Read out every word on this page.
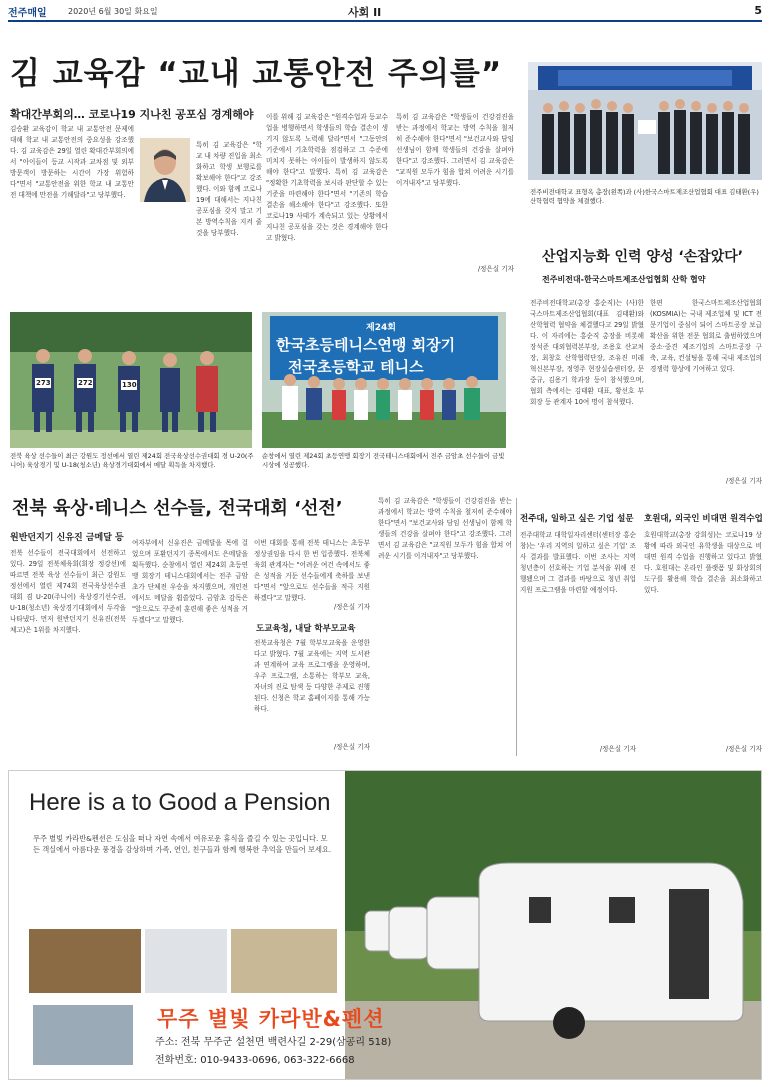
전주매일	2020년 6월 30일 화요일	사회 II	5
김 교육감 “교내 교통안전 주의를”
확대간부회의… 코로나19 지나친 공포심 경계해야

김승환 교육감이 학교 내 교통안전 문제에 대해 학교 내 교통안전의 중요성을 강조했다. 김 교육감은 29일 열린 확대간부회의에서 "아이들이 등교 시작과 교차점 및 외부 방문객이 방문하는 시간이 가장 위험하다"면서 "교통안전을 위한 학교 내 교통안전 대책에 만전을 기해달라"고 당부했다.

특히 김 교육감은 "학교 내 차량 진입을 최소화하고 학생 보행로를 확보해야 한다"고 강조했다. 이와 함께 코로나19에 대해서는 지나친 공포심을 갖지 말고 기본 방역수칙을 지켜 줄 것을 당부했다.

이를 위해 김 교육감은 "원격수업과 등교수업을 병행하면서 학생들의 학습 결손이 생기지 않도록 노력해 달라"면서 "그동안의 기준에서 기초학력을 점검하고 그 수준에 미치지 못하는 아이들이 발생하지 않도록 해야 한다"고 말했다. 특히 김 교육감은 "정확한 기초학력을 보시라 판단할 수 있는 기준을 마련해야 한다"면서 "기존의 학습 결손을 해소해야 한다"고 강조했다. 또한 코로나19 사태가 계속되고 있는 상황에서 지나친 공포심을 갖는 것은 경계해야 한다고 밝혔다.

특히 김 교육감은 "학생들이 건강검진을 받는 과정에서 학교는 방역 수칙을 철저히 준수해야 한다"면서 "보건교사와 담임 선생님이 함께 학생들의 건강을 살펴야 한다"고 강조했다. 그러면서 김 교육감은 "교직원 모두가 힘을 합쳐 어려운 시기를 이겨내자"고 당부했다.

/정은실 기자
전주비전대학교 표형옥 총장(왼쪽)과 (사)한국스마트제조산업협회 대표 김태환(우) 산학협력 협약을 체결했다.
산업지능화 인력 양성 ‘손잡았다’
전주비전대-한국스마트제조산업협회 산학 협약

전주비전대학교(총장 홍순직)는 (사)한국스마트제조산업협회(대표 김태환)와 산학협력 협약을 체결했다고 29일 밝혔다. 이 자리에는 홍순직 총장을 비롯해 장석준 대외협력본부장, 조용호 산교처장, 최창호 산학협력단장, 조유진 미래혁신본부장, 정영주 현장실습센터장, 문중규, 김용기 학과장 등이 참석했으며, 협회 측에서는 김태환 대표, 황선호 부회장 등 관계자 10여 명이 참석했다.

한편 한국스마트제조산업협회(KOSMIA)는 국내 제조업체 및 ICT 전문기업이 중심이 되어 스마트공장 보급 확산을 위한 전문 협회로 출범하였으며 중소·중견 제조기업의 스마트공장 구축, 교육, 컨설팅을 통해 국내 제조업의 경쟁력 향상에 기여하고 있다.

/정은실 기자
273	272	130
전북 육상 선수들이 최근 강원도 정선에서 열린 제24회 전국육상선수권대회 경 U-20(주니어) 육상경기 및 U-18(청소년) 육상경기대회에서 메달 획득을 차지했다.
제24회
한국초등테니스연맹 회장기
전국초등학교 테니스
순창에서 열린 제24회 초등연맹 회장기 전국테니스대회에서 전주 금암초 선수들이 금빛 시상에 성공했다.
전북 육상·테니스 선수들, 전국대회 ‘선전’
원반던지기 신유진 금메달 등

전북 선수들이 전국대회에서 선전하고 있다. 29일 전북체육회(회장 정강선)에 따르면 전북 육상 선수들이 최근 강원도 정선에서 열린 제74회 전국육상선수권대회 겸 U-20(주니어) 육상경기선수권, U-18(청소년) 육상경기대회에서 두각을 나타냈다. 먼저 원반던지기 신유진(전북체고)은 1위를 차지했다.

여자부에서 신유진은 금메달을 목에 걸었으며 포환던지기 종목에서도 은메달을 획득했다. 순창에서 열린 제24회 초등연맹 회장기 테니스대회에서는 전주 금암초가 단체전 우승을 차지했으며, 개인전에서도 메달을 휩쓸었다. 금암초 감독은 "앞으로도 꾸준히 훈련해 좋은 성적을 거두겠다"고 말했다.

이번 대회를 통해 전북 테니스는 초등부 정상권임을 다시 한 번 입증했다. 전북체육회 관계자는 "어려운 여건 속에서도 좋은 성적을 거둔 선수들에게 축하를 보낸다"면서 "앞으로도 선수들을 적극 지원하겠다"고 말했다.

/정은실 기자
도교육청, 내달 학부모교육

전북교육청은 7월 학부모교육을 운영한다고 밝혔다. 7월 교육에는 지역 도서관과 연계하여 교육 프로그램을 운영하며, 우주 프로그램, 소통하는 학부모 교육, 자녀의 진로 탐색 등 다양한 주제로 진행된다. 신청은 학교 홈페이지를 통해 가능하다.

/정은실 기자

특히 김 교육감은 "학생들이 건강검진을 받는 과정에서 학교는 방역 수칙을 철저히 준수해야 한다"면서 "보건교사와 담임 선생님이 함께 학생들의 건강을 살펴야 한다"고 강조했다. 그러면서 김 교육감은 "교직원 모두가 힘을 합쳐 어려운 시기를 이겨내자"고 당부했다.

전주대, 일하고 싶은 기업 설문

전주대학교 대학일자리센터(센터장 홍순창)는 '우리 지역의 일하고 싶은 기업' 조사 결과를 발표했다. 이번 조사는 지역 청년층이 선호하는 기업 분석을 위해 진행됐으며 그 결과를 바탕으로 청년 취업 지원 프로그램을 마련할 예정이다.

/정은실 기자
호원대, 외국인 비대면 원격수업

호원대학교(총장 강희성)는 코로나19 상황에 따라 외국인 유학생을 대상으로 비대면 원격 수업을 진행하고 있다고 밝혔다. 호원대는 온라인 플랫폼 및 화상회의 도구를 활용해 학습 결손을 최소화하고 있다.

/정은실 기자
Here is a to Good a Pension
무주 별빛 카라반&펜션은 도심을 떠나 자연 속에서 여유로운 휴식을 즐길 수 있는 곳입니다. 모든 객실에서 아름다운 풍경을 감상하며 가족, 연인, 친구들과 함께 행복한 추억을 만들어 보세요.
무주 별빛 카라반&펜션
주소: 전북 무주군 설천면 백련사길 2-29(삼공리 518)
전화번호: 010-9433-0696, 063-322-6668
